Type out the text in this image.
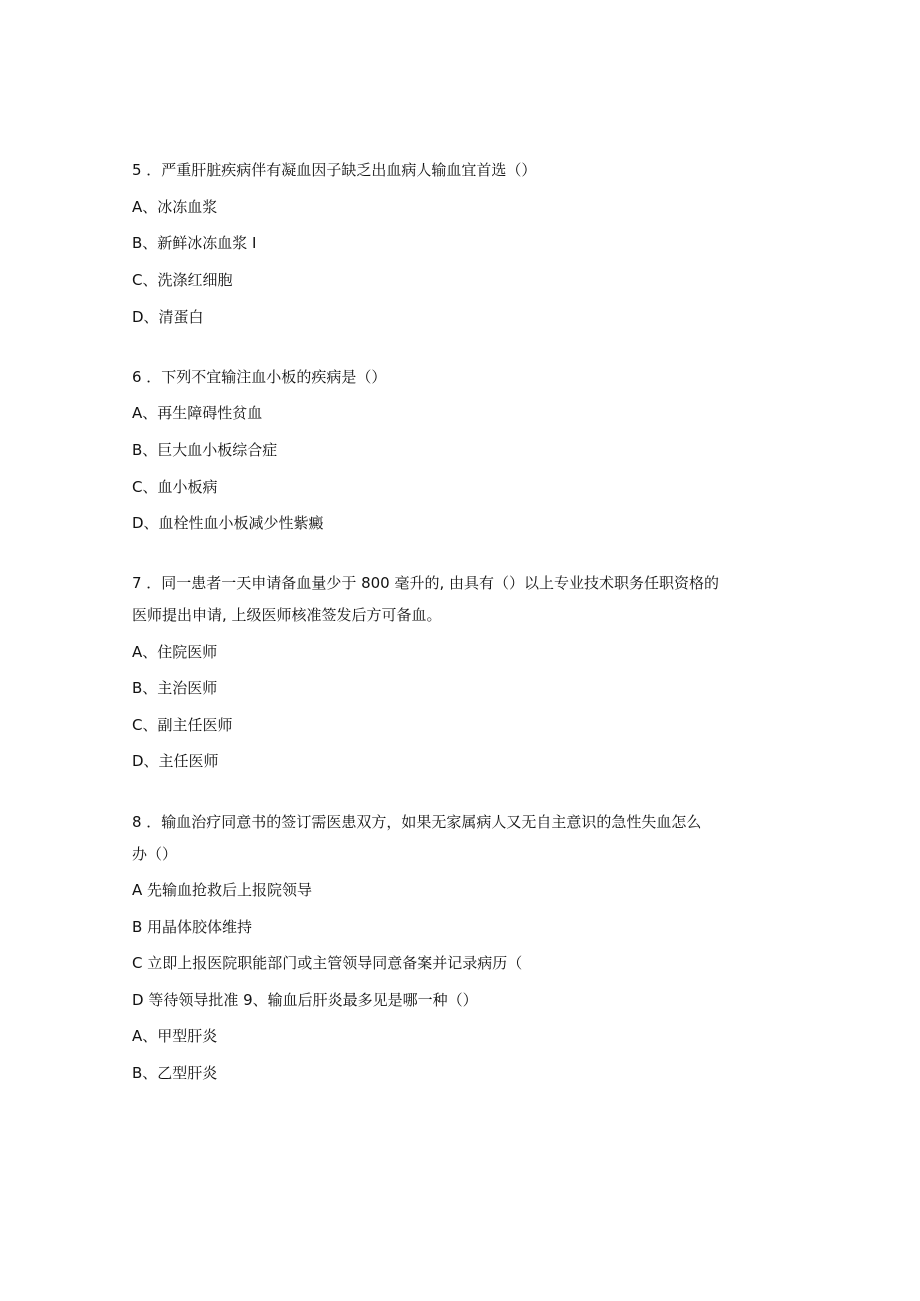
5 ．严重肝脏疾病伴有凝血因子缺乏出血病人输血宜首选（）
A、冰冻血浆
B、新鲜冰冻血浆 I
C、洗涤红细胞
D、清蛋白
6 ．下列不宜输注血小板的疾病是（）
A、再生障碍性贫血
B、巨大血小板综合症
C、血小板病
D、血栓性血小板减少性紫癜
7 ．同一患者一天申请备血量少于 800 毫升的, 由具有（）以上专业技术职务任职资格的
医师提出申请, 上级医师核准签发后方可备血。
A、住院医师
B、主治医师
C、副主任医师
D、主任医师
8 ．输血治疗同意书的签订需医患双方，如果无家属病人又无自主意识的急性失血怎么
办（）
A 先输血抢救后上报院领导
B 用晶体胶体维持
C 立即上报医院职能部门或主管领导同意备案并记录病历（
D 等待领导批准 9、输血后肝炎最多见是哪一种（）
A、甲型肝炎
B、乙型肝炎
